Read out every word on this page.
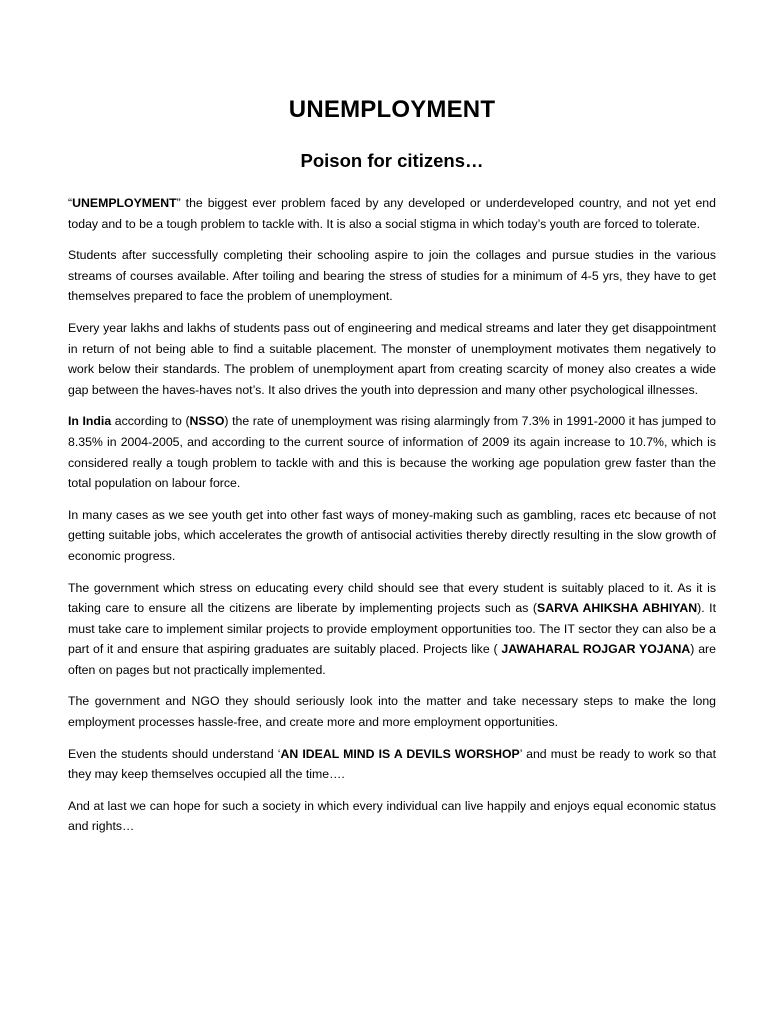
UNEMPLOYMENT
Poison for citizens…

“UNEMPLOYMENT” the biggest ever problem faced by any developed or underdeveloped country, and not yet end today and to be a tough problem to tackle with. It is also a social stigma in which today’s youth are forced to tolerate.

Students after successfully completing their schooling aspire to join the collages and pursue studies in the various streams of courses available. After toiling and bearing the stress of studies for a minimum of 4-5 yrs, they have to get themselves prepared to face the problem of unemployment.

Every year lakhs and lakhs of students pass out of engineering and medical streams and later they get disappointment in return of not being able to find a suitable placement. The monster of unemployment motivates them negatively to work below their standards. The problem of unemployment apart from creating scarcity of money also creates a wide gap between the haves-haves not’s. It also drives the youth into depression and many other psychological illnesses.

In India according to (NSSO) the rate of unemployment was rising alarmingly from 7.3% in 1991-2000 it has jumped to 8.35% in 2004-2005, and according to the current source of information of 2009 its again increase to 10.7%, which is considered really a tough problem to tackle with and this is because the working age population grew faster than the total population on labour force.

In many cases as we see youth get into other fast ways of money-making such as gambling, races etc because of not getting suitable jobs, which accelerates the growth of antisocial activities thereby directly resulting in the slow growth of economic progress.

The government which stress on educating every child should see that every student is suitably placed to it. As it is taking care to ensure all the citizens are liberate by implementing projects such as (SARVA AHIKSHA ABHIYAN). It must take care to implement similar projects to provide employment opportunities too. The IT sector they can also be a part of it and ensure that aspiring graduates are suitably placed. Projects like ( JAWAHARAL ROJGAR YOJANA) are often on pages but not practically implemented.

The government and NGO they should seriously look into the matter and take necessary steps to make the long employment processes hassle-free, and create more and more employment opportunities.

Even the students should understand ‘AN IDEAL MIND IS A DEVILS WORSHOP’ and must be ready to work so that they may keep themselves occupied all the time….

And at last we can hope for such a society in which every individual can live happily and enjoys equal economic status and rights…
